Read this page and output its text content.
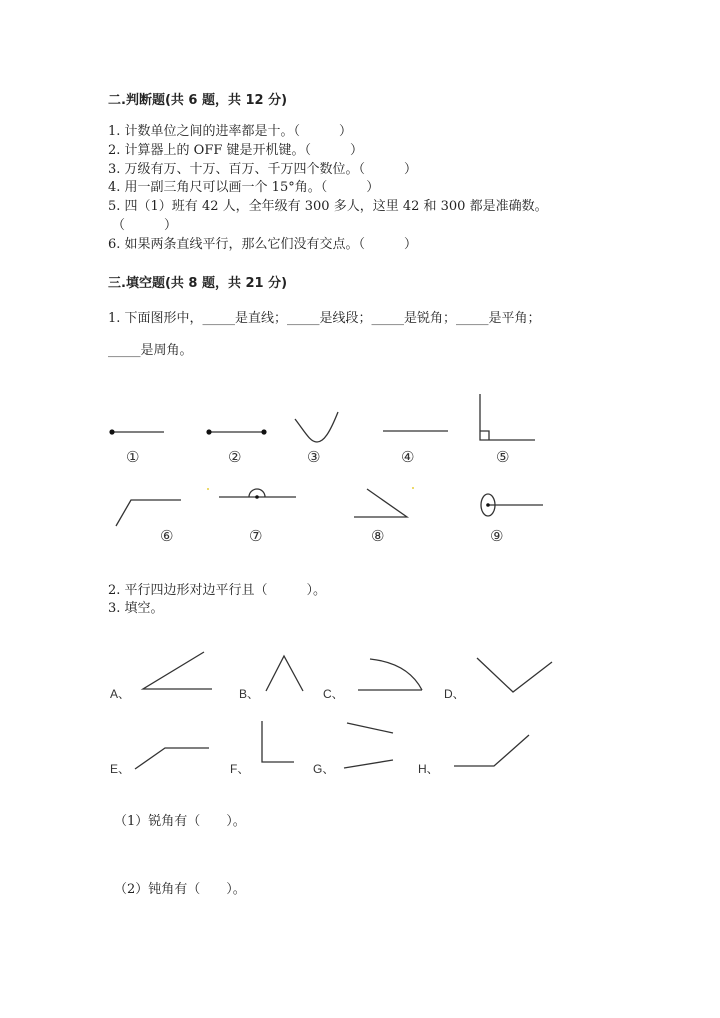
二.判断题(共 6 题，共 12 分)
1. 计数单位之间的进率都是十。（　　　）
2. 计算器上的 OFF 键是开机键。（　　　）
3. 万级有万、十万、百万、千万四个数位。（　　　）
4. 用一副三角尺可以画一个 15°角。（　　　）
5. 四（1）班有 42 人，全年级有 300 多人，这里 42 和 300 都是准确数。
（　　　）
6. 如果两条直线平行，那么它们没有交点。（　　　）
三.填空题(共 8 题，共 21 分)
1. 下面图形中，_____是直线；_____是线段；_____是锐角；_____是平角；
_____是周角。
①	②	③	④	⑤
⑥	⑦	⑧	⑨
2. 平行四边形对边平行且（　　　）。
3. 填空。
A、	B、	C、	D、
E、	F、	G、	H、
（1）锐角有（　　）。
（2）钝角有（　　）。
